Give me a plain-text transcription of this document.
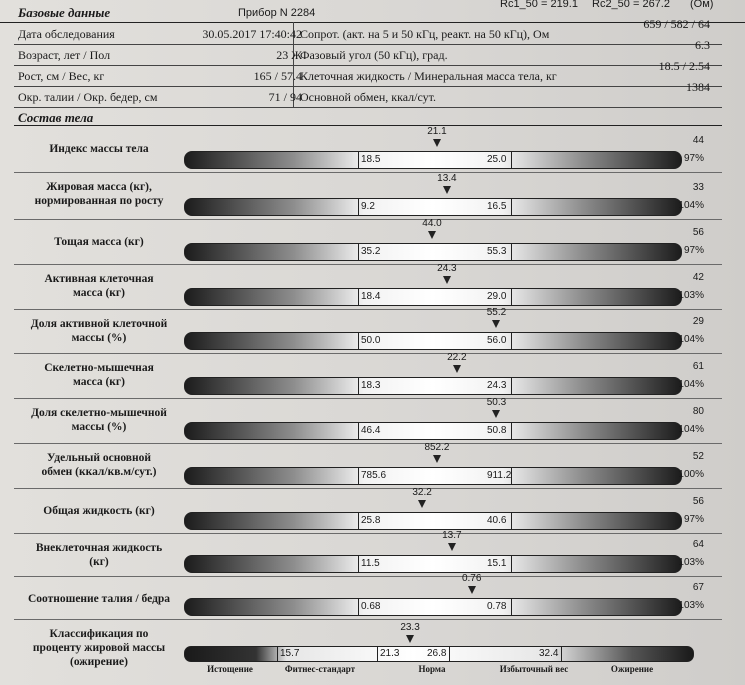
Базовые данные	Прибор N 2284
Rc1_50 = 219.1 Rc2_50 = 267.2 (Ом)
Дата обследования	30.05.2017 17:40:42
Сопрот. (акт. на 5 и 50 кГц, реакт. на 50 кГц), Ом
659 / 582 / 64
Возраст, лет / Пол	23 Ж
Фазовый угол (50 кГц), град.
6.3
Рост, см / Вес, кг	165 / 57.4
Клеточная жидкость / Минеральная масса тела, кг
18.5 / 2.54
Окр. талии / Окр. бедер, см	71 / 94
Основной обмен, ккал/сут.
1384
Состав тела
Индекс массы тела
18.5	25.0
21.1
44
97%
Жировая масса (кг),
нормированная по росту	9.2	16.5
13.4
33
104%
Тощая масса (кг)
35.2	55.3
44.0
56
97%
Активная клеточная
масса (кг)	18.4	29.0
24.3
42
103%
Доля активной клеточной
массы (%)	50.0	56.0
55.2
29
104%
Скелетно-мышечная
масса (кг)	18.3	24.3
22.2
61
104%
Доля скелетно-мышечной
массы (%)	46.4	50.8
50.3
80
104%
Удельный основной
обмен (ккал/кв.м/сут.)	785.6	911.2
852.2
52
100%
Общая жидкость (кг)
25.8	40.6
32.2
56
97%
Внеклеточная жидкость
(кг)	11.5	15.1
13.7
64
103%
Соотношение талия / бедра
0.68	0.78
0.76
67
103%
Классификация по
проценту жировой массы
(ожирение)
23.3
15.7	21.3	26.8	32.4
Истощение	Фитнес-стандарт	Норма	Избыточный вес	Ожирение
